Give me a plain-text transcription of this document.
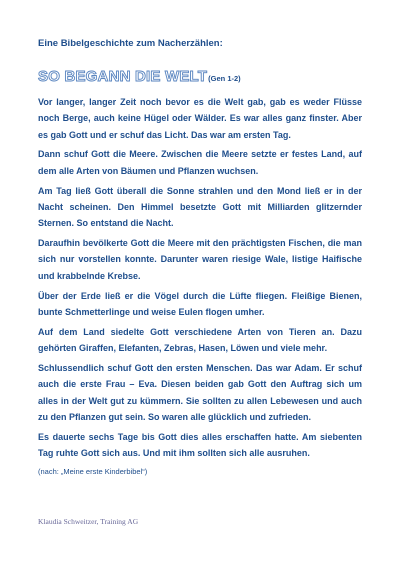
Eine Bibelgeschichte zum Nacherzählen:
SO BEGANN DIE WELT(Gen 1-2)

Vor langer, langer Zeit noch bevor es die Welt gab, gab es weder Flüsse noch Berge, auch keine Hügel oder Wälder. Es war alles ganz finster. Aber es gab Gott und er schuf das Licht. Das war am ersten Tag.

Dann schuf Gott die Meere. Zwischen die Meere setzte er festes Land, auf dem alle Arten von Bäumen und Pflanzen wuchsen.

Am Tag ließ Gott überall die Sonne strahlen und den Mond ließ er in der Nacht scheinen. Den Himmel besetzte Gott mit Milliarden glitzernder Sternen. So entstand die Nacht.

Daraufhin bevölkerte Gott die Meere mit den prächtigsten Fischen, die man sich nur vorstellen konnte. Darunter waren riesige Wale, listige Haifische und krabbelnde Krebse.

Über der Erde ließ er die Vögel durch die Lüfte fliegen. Fleißige Bienen, bunte Schmetterlinge und weise Eulen flogen umher.

Auf dem Land siedelte Gott verschiedene Arten von Tieren an. Dazu gehörten Giraffen, Elefanten, Zebras, Hasen, Löwen und viele mehr.

Schlussendlich schuf Gott den ersten Menschen. Das war Adam. Er schuf auch die erste Frau – Eva. Diesen beiden gab Gott den Auftrag sich um alles in der Welt gut zu kümmern. Sie sollten zu allen Lebewesen und auch zu den Pflanzen gut sein. So waren alle glücklich und zufrieden.

Es dauerte sechs Tage bis Gott dies alles erschaffen hatte. Am siebenten Tag ruhte Gott sich aus. Und mit ihm sollten sich alle ausruhen.

(nach: „Meine erste Kinderbibel“)
Klaudia Schweitzer, Training AG
